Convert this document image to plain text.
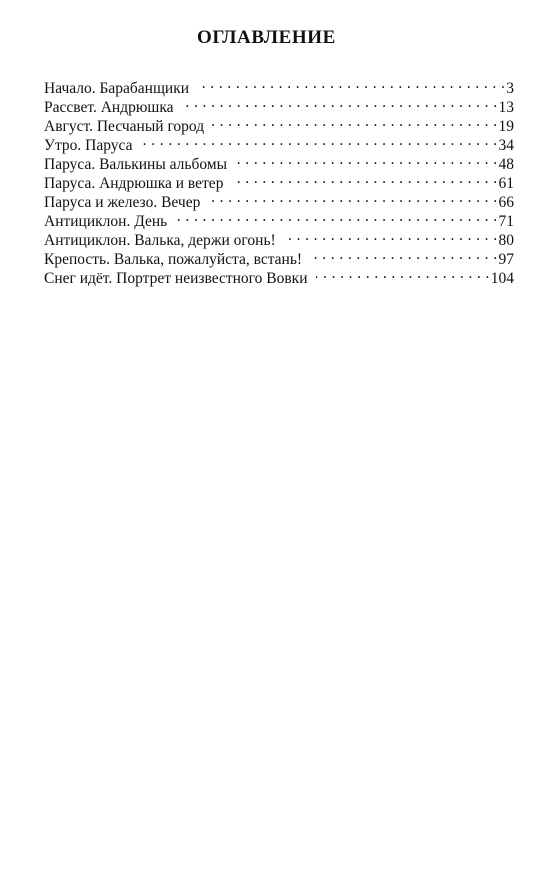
ОГЛАВЛЕНИЕ
Начало. Барабанщики . . .	3
Рассвет. Андрюшка . . .	13
Август. Песчаный город . . .	19
Утро. Паруса . . .	34
Паруса. Валькины альбомы . . .	48
Паруса. Андрюшка и ветер . . .	61
Паруса и железо. Вечер . . .	66
Антициклон. День . . .	71
Антициклон. Валька, держи огонь! . . .	80
Крепость. Валька, пожалуйста, встань! . . .	97
Снег идёт. Портрет неизвестного Вовки . . .	104
